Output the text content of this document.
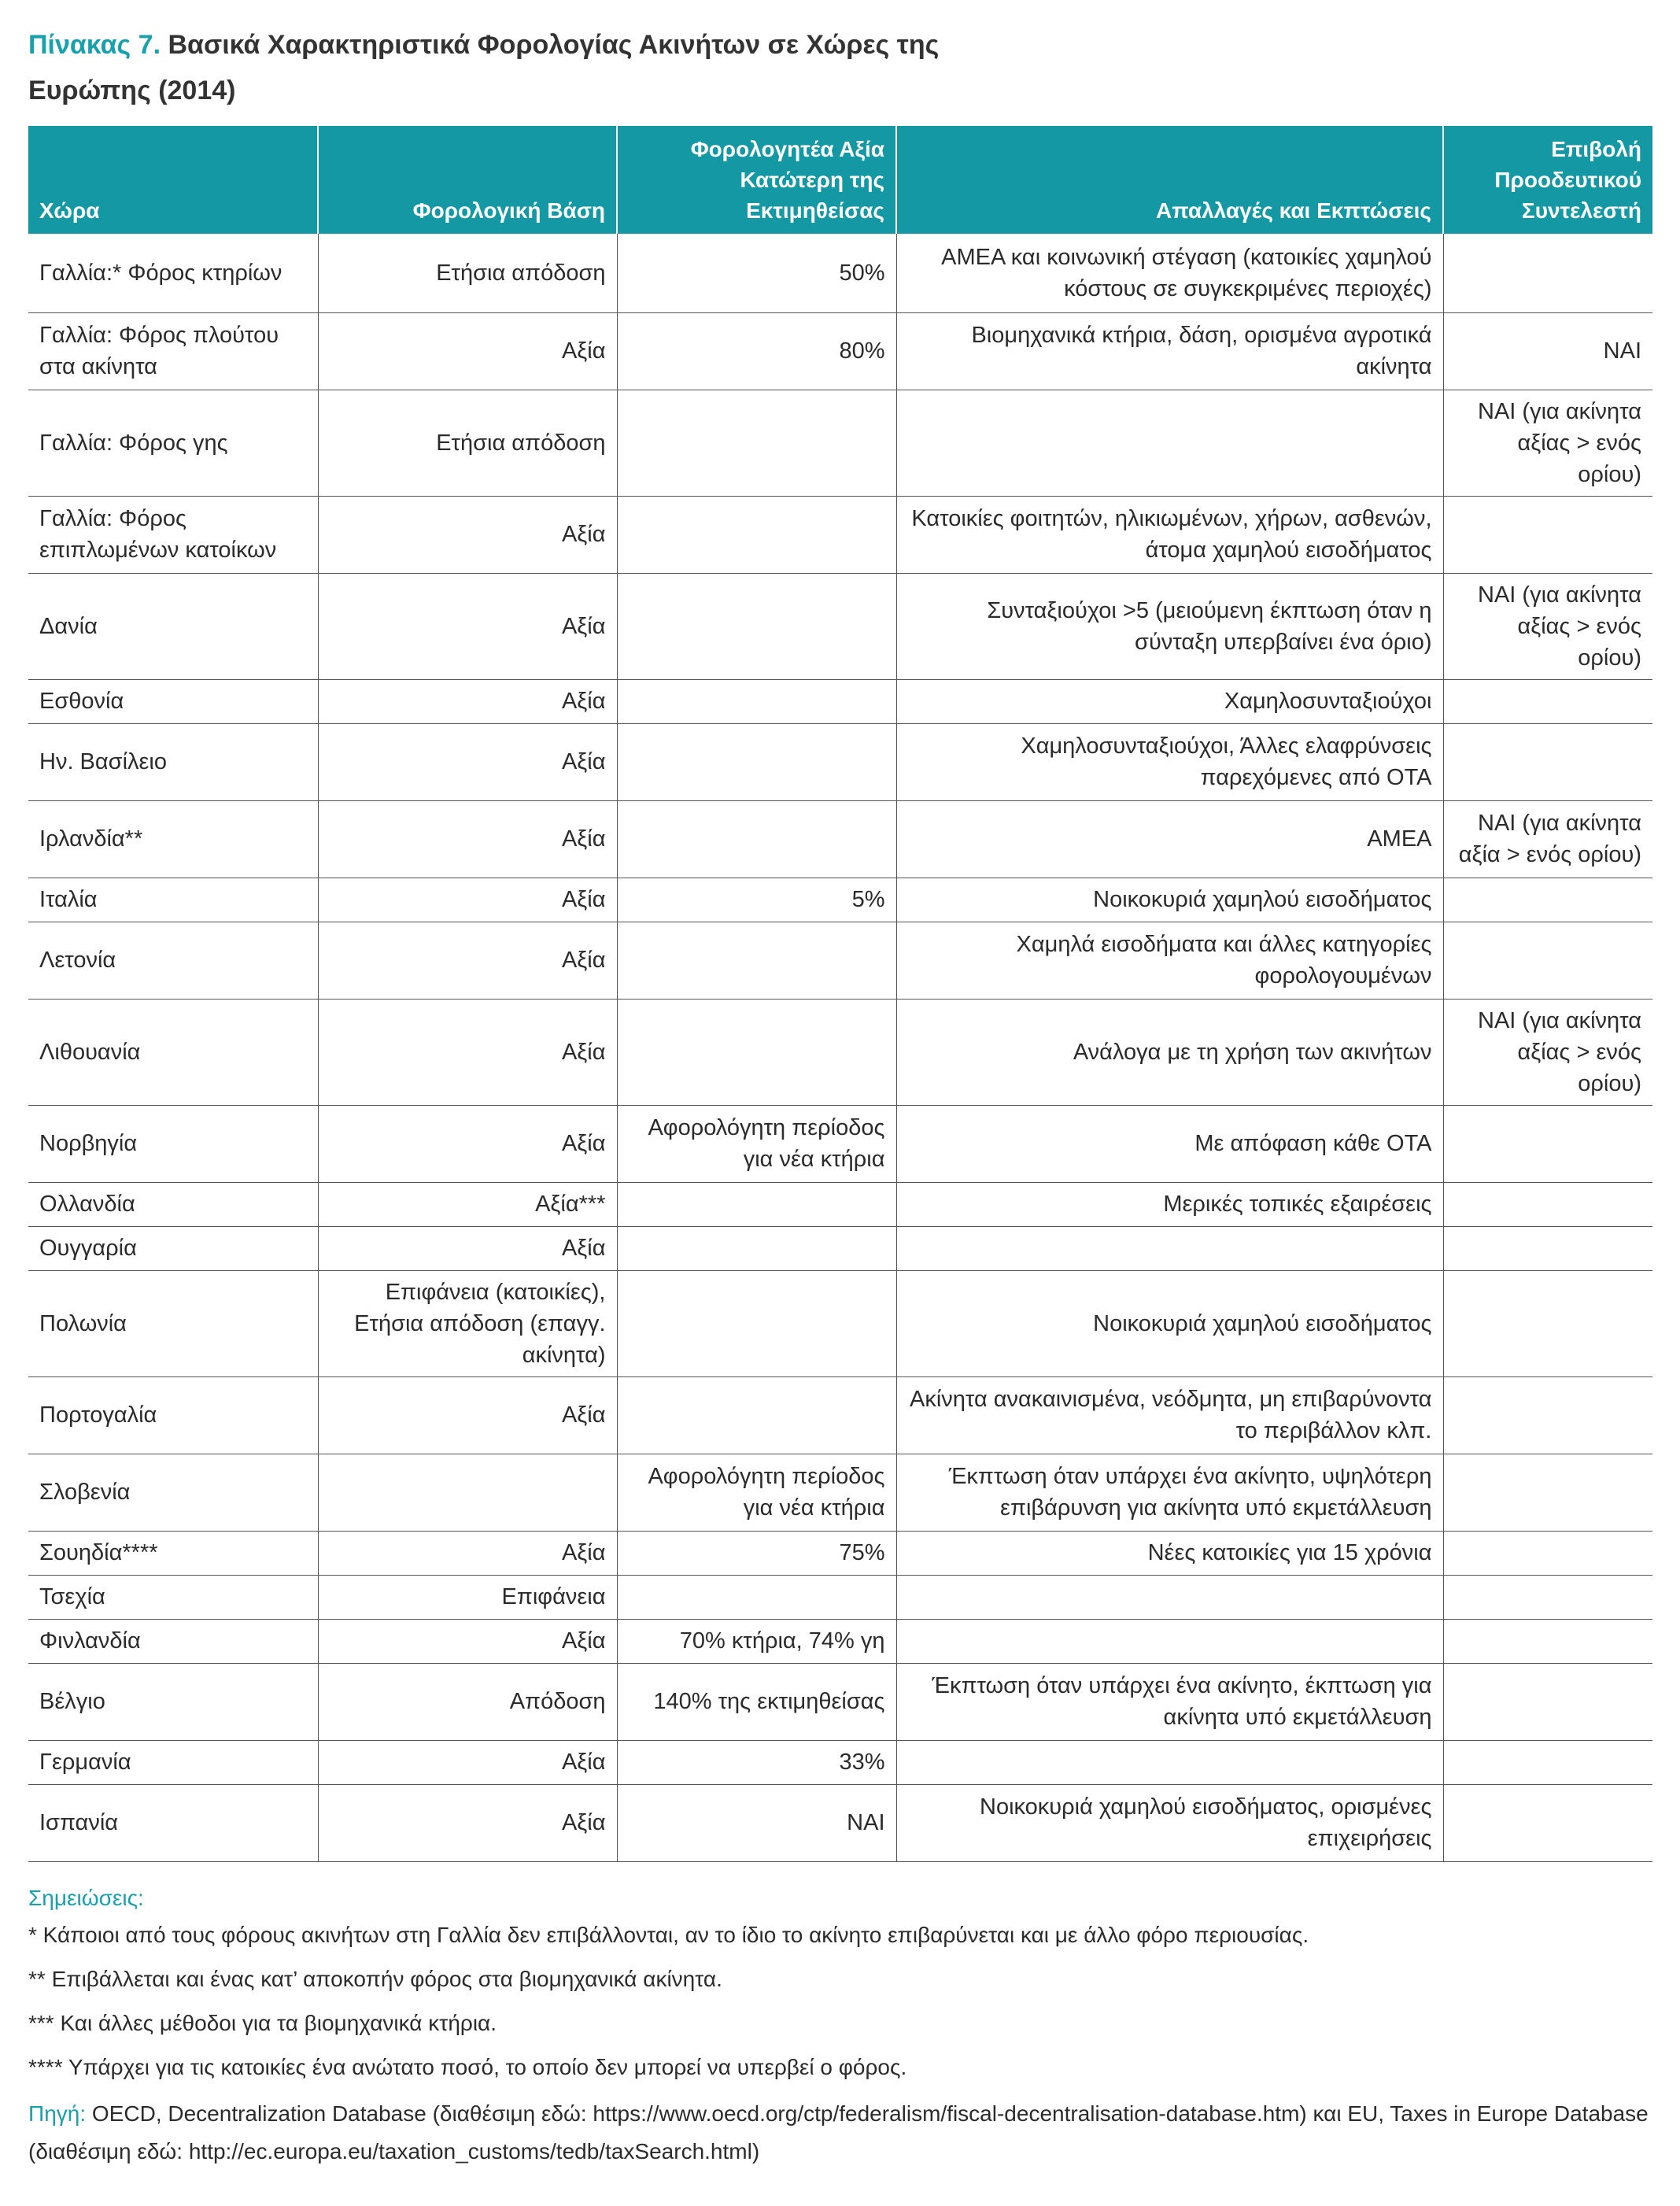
Πίνακας 7. Βασικά Χαρακτηριστικά Φορολογίας Ακινήτων σε Χώρες της
Ευρώπης (2014)
Χώρα	Φορολογική Βάση	Φορολογητέα Αξία Κατώτερη της Εκτιμηθείσας	Απαλλαγές και Εκπτώσεις	Επιβολή Προοδευτικού Συντελεστή
Γαλλία:* Φόρος κτηρίων	Ετήσια απόδοση	50%	ΑΜΕΑ και κοινωνική στέγαση (κατοικίες χαμηλού κόστους σε συγκεκριμένες περιοχές)	
Γαλλία: Φόρος πλούτου στα ακίνητα	Αξία	80%	Βιομηχανικά κτήρια, δάση, ορισμένα αγροτικά ακίνητα	ΝΑΙ
Γαλλία: Φόρος γης	Ετήσια απόδοση			ΝΑΙ (για ακίνητα αξίας > ενός ορίου)
Γαλλία: Φόρος επιπλωμένων κατοίκων	Αξία		Κατοικίες φοιτητών, ηλικιωμένων, χήρων, ασθενών, άτομα χαμηλού εισοδήματος	
Δανία	Αξία		Συνταξιούχοι >5 (μειούμενη έκπτωση όταν η σύνταξη υπερβαίνει ένα όριο)	ΝΑΙ (για ακίνητα αξίας > ενός ορίου)
Εσθονία	Αξία		Χαμηλοσυνταξιούχοι	
Ην. Βασίλειο	Αξία		Χαμηλοσυνταξιούχοι, Άλλες ελαφρύνσεις παρεχόμενες από ΟΤΑ	
Ιρλανδία**	Αξία		ΑΜΕΑ	ΝΑΙ (για ακίνητα αξία > ενός ορίου)
Ιταλία	Αξία	5%	Νοικοκυριά χαμηλού εισοδήματος	
Λετονία	Αξία		Χαμηλά εισοδήματα και άλλες κατηγορίες φορολογουμένων	
Λιθουανία	Αξία		Ανάλογα με τη χρήση των ακινήτων	ΝΑΙ (για ακίνητα αξίας > ενός ορίου)
Νορβηγία	Αξία	Αφορολόγητη περίοδος για νέα κτήρια	Με απόφαση κάθε ΟΤΑ	
Ολλανδία	Αξία***		Μερικές τοπικές εξαιρέσεις	
Ουγγαρία	Αξία			
Πολωνία	Επιφάνεια (κατοικίες), Ετήσια απόδοση (επαγγ. ακίνητα)		Νοικοκυριά χαμηλού εισοδήματος	
Πορτογαλία	Αξία		Ακίνητα ανακαινισμένα, νεόδμητα, μη επιβαρύνοντα το περιβάλλον κλπ.	
Σλοβενία		Αφορολόγητη περίοδος για νέα κτήρια	Έκπτωση όταν υπάρχει ένα ακίνητο, υψηλότερη επιβάρυνση για ακίνητα υπό εκμετάλλευση	
Σουηδία****	Αξία	75%	Νέες κατοικίες για 15 χρόνια	
Τσεχία	Επιφάνεια			
Φινλανδία	Αξία	70% κτήρια, 74% γη		
Βέλγιο	Απόδοση	140% της εκτιμηθείσας	Έκπτωση όταν υπάρχει ένα ακίνητο, έκπτωση για ακίνητα υπό εκμετάλλευση	
Γερμανία	Αξία	33%		
Ισπανία	Αξία	ΝΑΙ	Νοικοκυριά χαμηλού εισοδήματος, ορισμένες επιχειρήσεις	

Σημειώσεις:

* Κάποιοι από τους φόρους ακινήτων στη Γαλλία δεν επιβάλλονται, αν το ίδιο το ακίνητο επιβαρύνεται και με άλλο φόρο περιουσίας.

** Επιβάλλεται και ένας κατ’ αποκοπήν φόρος στα βιομηχανικά ακίνητα.

*** Και άλλες μέθοδοι για τα βιομηχανικά κτήρια.

**** Υπάρχει για τις κατοικίες ένα ανώτατο ποσό, το οποίο δεν μπορεί να υπερβεί ο φόρος.

Πηγή: OECD, Decentralization Database (διαθέσιμη εδώ: https://www.oecd.org/ctp/federalism/fiscal-decentralisation-database.htm) και EU, Taxes in Europe Database (διαθέσιμη εδώ: http://ec.europa.eu/taxation_customs/tedb/taxSearch.html)
